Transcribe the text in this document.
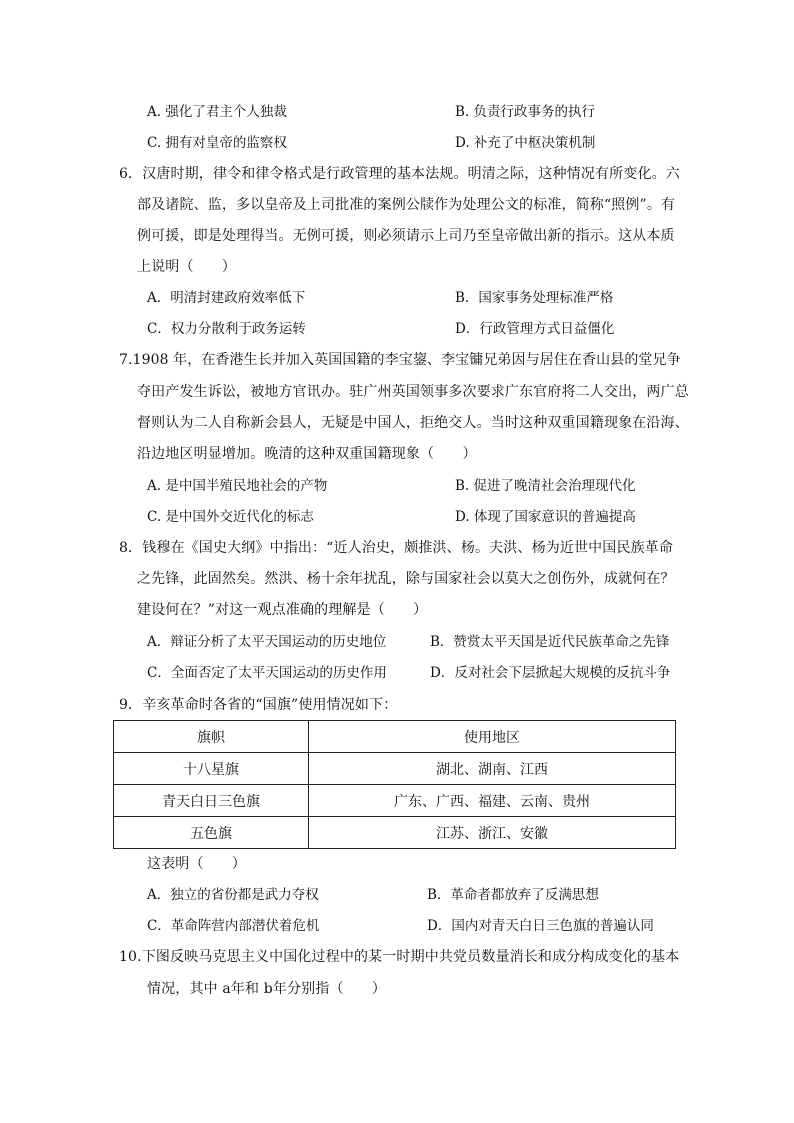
A. 强化了君主个人独裁	B. 负责行政事务的执行
C. 拥有对皇帝的监察权	D. 补充了中枢决策机制
6．汉唐时期，律令和律令格式是行政管理的基本法规。明清之际，这种情况有所变化。六
部及诸院、监，多以皇帝及上司批准的案例公牍作为处理公文的标准，简称“照例”。有
例可援，即是处理得当。无例可援，则必须请示上司乃至皇帝做出新的指示。这从本质
上说明（　　）
A．明清封建政府效率低下	B．国家事务处理标准严格
C．权力分散利于政务运转	D．行政管理方式日益僵化
7.1908 年，在香港生长并加入英国国籍的李宝鋆、李宝镛兄弟因与居住在香山县的堂兄争
夺田产发生诉讼，被地方官讯办。驻广州英国领事多次要求广东官府将二人交出，两广总
督则认为二人自称新会县人，无疑是中国人，拒绝交人。当时这种双重国籍现象在沿海、
沿边地区明显增加。晚清的这种双重国籍现象（　　）
A. 是中国半殖民地社会的产物	B. 促进了晚清社会治理现代化
C. 是中国外交近代化的标志	D. 体现了国家意识的普遍提高
8．钱穆在《国史大纲》中指出：“近人治史，颇推洪、杨。夫洪、杨为近世中国民族革命
之先锋，此固然矣。然洪、杨十余年扰乱，除与国家社会以莫大之创伤外，成就何在？
建设何在？”对这一观点准确的理解是（　　）
A．辩证分析了太平天国运动的历史地位	B．赞赏太平天国是近代民族革命之先锋
C．全面否定了太平天国运动的历史作用	D．反对社会下层掀起大规模的反抗斗争
9．辛亥革命时各省的“国旗”使用情况如下：
旗帜	使用地区
十八星旗	湖北、湖南、江西
青天白日三色旗	广东、广西、福建、云南、贵州
五色旗	江苏、浙江、安徽
这表明（　　）
A．独立的省份都是武力夺权	B．革命者都放弃了反满思想
C．革命阵营内部潜伏着危机	D．国内对青天白日三色旗的普遍认同
10.下图反映马克思主义中国化过程中的某一时期中共党员数量消长和成分构成变化的基本
情况，其中 a年和 b年分别指（　　）
